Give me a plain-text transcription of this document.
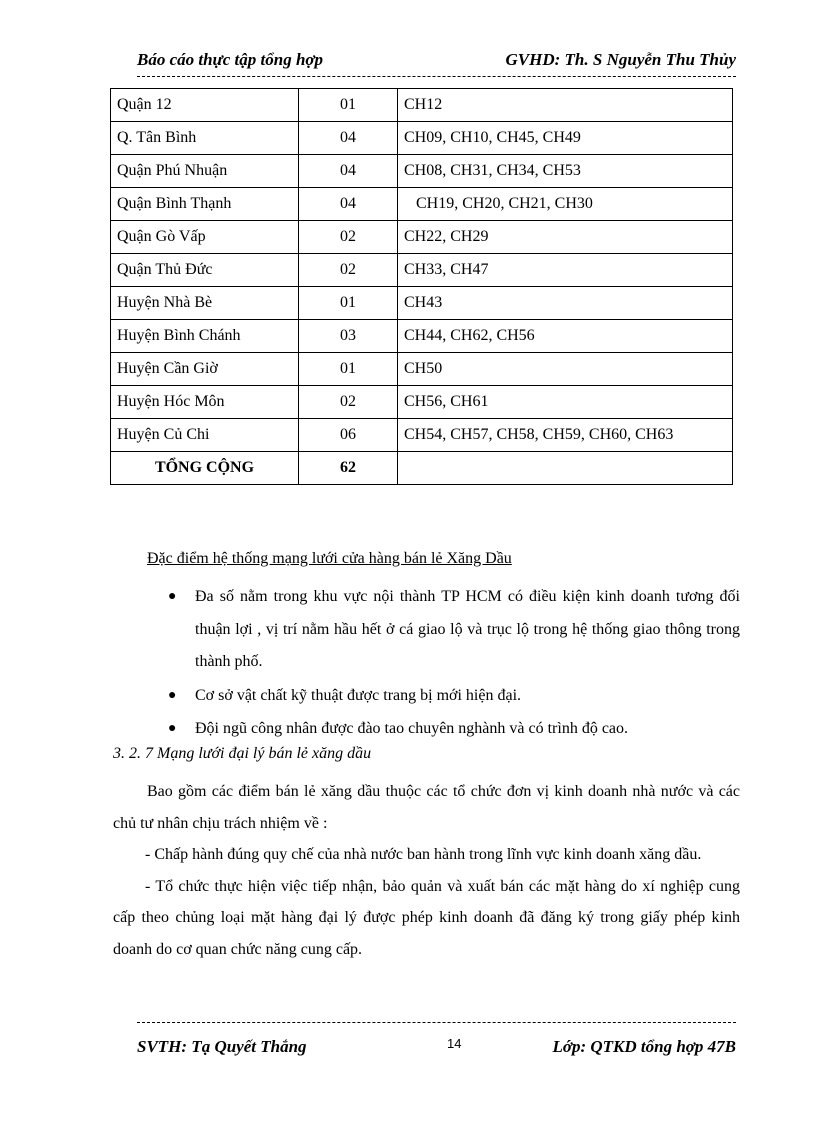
Báo cáo thực tập tổng hợp	GVHD: Th. S Nguyễn Thu Thủy
Quận 12	01	CH12
Q. Tân Bình	04	CH09, CH10, CH45, CH49
Quận Phú Nhuận	04	CH08, CH31, CH34, CH53
Quận Bình Thạnh	04	CH19, CH20, CH21, CH30
Quận Gò Vấp	02	CH22, CH29
Quận Thủ Đức	02	CH33, CH47
Huyện Nhà Bè	01	CH43
Huyện Bình Chánh	03	CH44, CH62, CH56
Huyện Cần Giờ	01	CH50
Huyện Hóc Môn	02	CH56, CH61
Huyện Củ Chi	06	CH54, CH57, CH58, CH59, CH60, CH63
TỔNG CỘNG	62	
Đặc điểm hệ thống mạng lưới cửa hàng bán lẻ Xăng Dầu
● Đa số nằm trong khu vực nội thành TP HCM có điều kiện kinh doanh tương đối thuận lợi , vị trí nằm hầu hết ở cá giao lộ và trục lộ trong hệ thống giao thông trong thành phố.
● Cơ sở vật chất kỹ thuật được trang bị mới hiện đại.
● Đội ngũ công nhân được đào tao chuyên nghành và có trình độ cao.
3. 2. 7 Mạng lưới đại lý bán lẻ xăng dầu

Bao gồm các điểm bán lẻ xăng dầu thuộc các tổ chức đơn vị kinh doanh nhà nước và các chủ tư nhân chịu trách nhiệm về :

- Chấp hành đúng quy chế của nhà nước ban hành trong lĩnh vực kinh doanh xăng dầu.

- Tổ chức thực hiện việc tiếp nhận, bảo quản và xuất bán các mặt hàng do xí nghiệp cung cấp theo chủng loại mặt hàng đại lý được phép kinh doanh đã đăng ký trong giấy phép kinh doanh do cơ quan chức năng cung cấp.

SVTH: Tạ Quyết Thắng	14	Lớp: QTKD tổng hợp 47B
